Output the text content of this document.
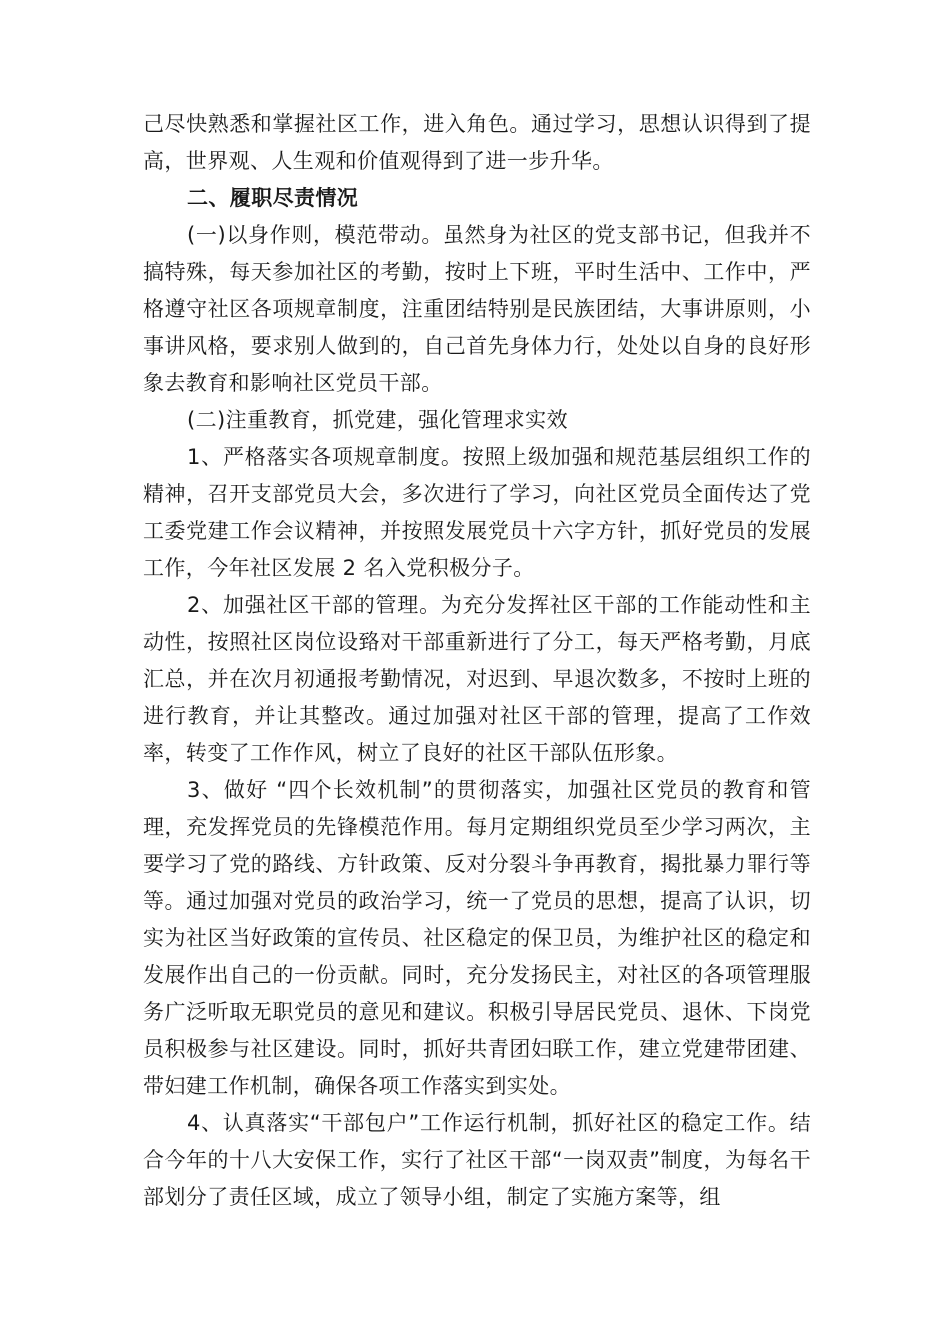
己尽快熟悉和掌握社区工作，进入角色。通过学习，思想认识得到了提高，世界观、人生观和价值观得到了进一步升华。

二、履职尽责情况

(一)以身作则，模范带动。虽然身为社区的党支部书记，但我并不搞特殊，每天参加社区的考勤，按时上下班，平时生活中、工作中，严格遵守社区各项规章制度，注重团结特别是民族团结，大事讲原则，小事讲风格，要求别人做到的，自己首先身体力行，处处以自身的良好形象去教育和影响社区党员干部。

(二)注重教育，抓党建，强化管理求实效

1、严格落实各项规章制度。按照上级加强和规范基层组织工作的精神，召开支部党员大会，多次进行了学习，向社区党员全面传达了党工委党建工作会议精神，并按照发展党员十六字方针，抓好党员的发展工作，今年社区发展 2 名入党积极分子。

2、加强社区干部的管理。为充分发挥社区干部的工作能动性和主动性，按照社区岗位设臵对干部重新进行了分工，每天严格考勤，月底汇总，并在次月初通报考勤情况，对迟到、早退次数多，不按时上班的进行教育，并让其整改。通过加强对社区干部的管理，提高了工作效率，转变了工作作风，树立了良好的社区干部队伍形象。

3、做好 “四个长效机制”的贯彻落实，加强社区党员的教育和管理，充发挥党员的先锋模范作用。每月定期组织党员至少学习两次，主要学习了党的路线、方针政策、反对分裂斗争再教育，揭批暴力罪行等等。通过加强对党员的政治学习，统一了党员的思想，提高了认识，切实为社区当好政策的宣传员、社区稳定的保卫员，为维护社区的稳定和发展作出自己的一份贡献。同时，充分发扬民主，对社区的各项管理服务广泛听取无职党员的意见和建议。积极引导居民党员、退休、下岗党员积极参与社区建设。同时，抓好共青团妇联工作，建立党建带团建、带妇建工作机制，确保各项工作落实到实处。

4、认真落实“干部包户”工作运行机制，抓好社区的稳定工作。结合今年的十八大安保工作，实行了社区干部“一岗双责”制度，为每名干部划分了责任区域，成立了领导小组，制定了实施方案等，组
